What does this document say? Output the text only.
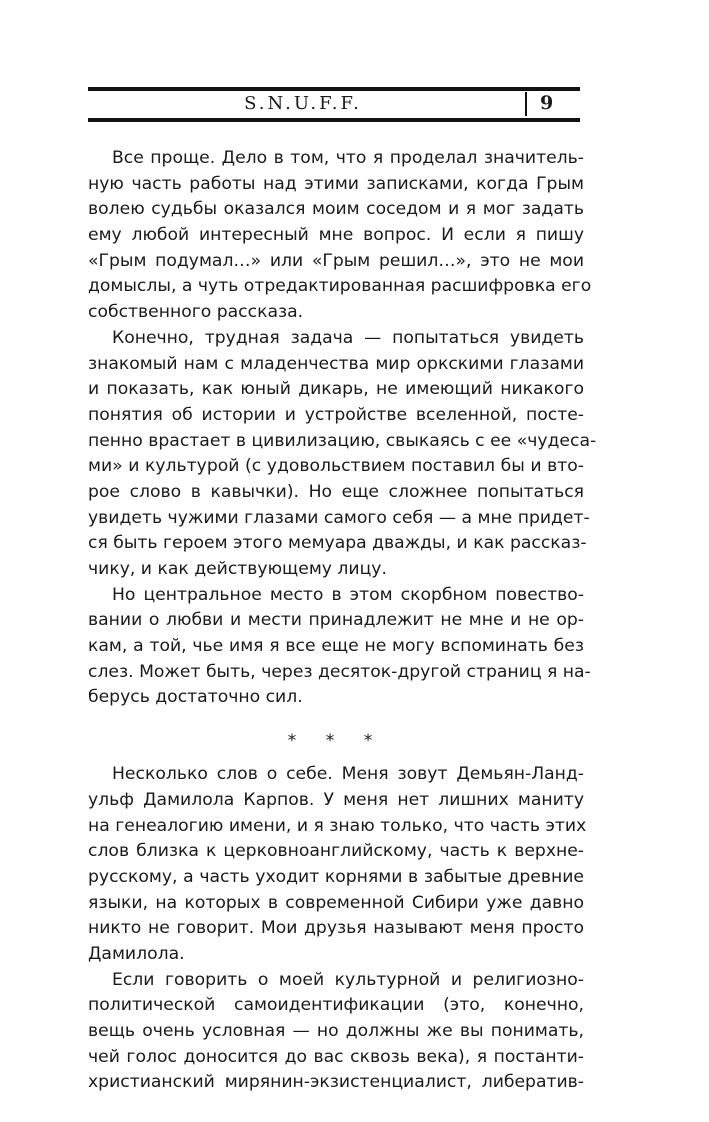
S.N.U.F.F.	9
Все проще. Дело в том, что я проделал значитель-
ную часть работы над этими записками, когда Грым
волею судьбы оказался моим соседом и я мог задать
ему любой интересный мне вопрос. И если я пишу
«Грым подумал…» или «Грым решил…», это не мои
домыслы, а чуть отредактированная расшифровка его
собственного рассказа.
Конечно, трудная задача — попытаться увидеть
знакомый нам с младенчества мир оркскими глазами
и показать, как юный дикарь, не имеющий никакого
понятия об истории и устройстве вселенной, посте-
пенно врастает в цивилизацию, свыкаясь с ее «чудеса-
ми» и культурой (с удовольствием поставил бы и вто-
рое слово в кавычки). Но еще сложнее попытаться
увидеть чужими глазами самого себя — а мне придет-
ся быть героем этого мемуара дважды, и как рассказ-
чику, и как действующему лицу.
Но центральное место в этом скорбном повество-
вании о любви и мести принадлежит не мне и не ор-
кам, а той, чье имя я все еще не могу вспоминать без
слез. Может быть, через десяток-другой страниц я на-
берусь достаточно сил.
* * *
Несколько слов о себе. Меня зовут Демьян-Ланд-
ульф Дамилола Карпов. У меня нет лишних маниту
на генеалогию имени, и я знаю только, что часть этих
слов близка к церковноанглийскому, часть к верхне-
русскому, а часть уходит корнями в забытые древние
языки, на которых в современной Сибири уже давно
никто не говорит. Мои друзья называют меня просто
Дамилола.
Если говорить о моей культурной и религиозно-
политической самоидентификации (это, конечно,
вещь очень условная — но должны же вы понимать,
чей голос доносится до вас сквозь века), я постанти-
христианский мирянин-экзистенциалист, либератив-
